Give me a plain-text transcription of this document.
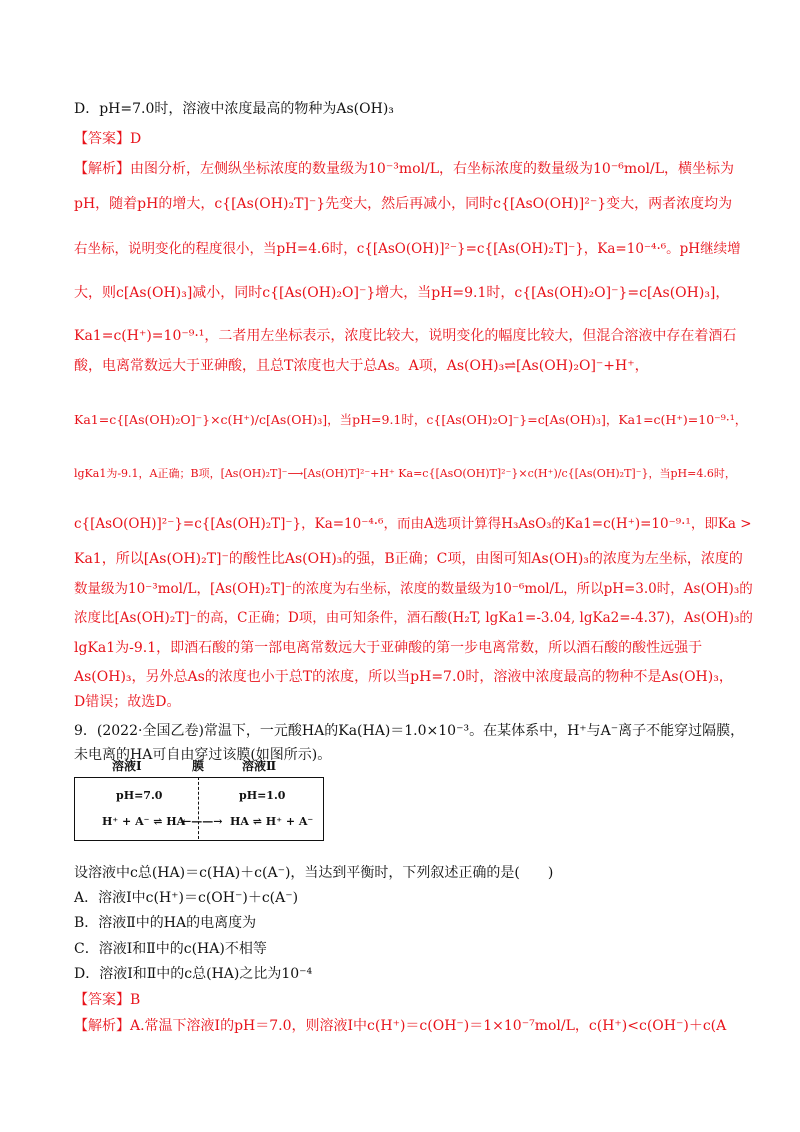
D．pH=7.0时，溶液中浓度最高的物种为As(OH)₃
【答案】D
【解析】由图分析，左侧纵坐标浓度的数量级为10⁻³mol/L，右坐标浓度的数量级为10⁻⁶mol/L，横坐标为
pH，随着pH的增大，c{[As(OH)₂T]⁻}先变大，然后再减小，同时c{[AsO(OH)]²⁻}变大，两者浓度均为
右坐标，说明变化的程度很小，当pH=4.6时，c{[AsO(OH)]²⁻}=c{[As(OH)₂T]⁻}，Ka=10⁻⁴·⁶。pH继续增
大，则c[As(OH)₃]减小，同时c{[As(OH)₂O]⁻}增大，当pH=9.1时，c{[As(OH)₂O]⁻}=c[As(OH)₃]，
Ka1=c(H⁺)=10⁻⁹·¹，二者用左坐标表示，浓度比较大，说明变化的幅度比较大，但混合溶液中存在着酒石
酸，电离常数远大于亚砷酸，且总T浓度也大于总As。A项，As(OH)₃⇌[As(OH)₂O]⁻+H⁺，
Ka1=c{[As(OH)₂O]⁻}×c(H⁺)/c[As(OH)₃]，当pH=9.1时，c{[As(OH)₂O]⁻}=c[As(OH)₃]，Ka1=c(H⁺)=10⁻⁹·¹，
lgKa1为-9.1，A正确；B项，[As(OH)₂T]⁻⟶[As(OH)T]²⁻+H⁺ Ka=c{[AsO(OH)T]²⁻}×c(H⁺)/c{[As(OH)₂T]⁻}，当pH=4.6时，
c{[AsO(OH)]²⁻}=c{[As(OH)₂T]⁻}，Ka=10⁻⁴·⁶，而由A选项计算得H₃AsO₃的Ka1=c(H⁺)=10⁻⁹·¹，即Ka >
Ka1，所以[As(OH)₂T]⁻的酸性比As(OH)₃的强，B正确；C项，由图可知As(OH)₃的浓度为左坐标，浓度的
数量级为10⁻³mol/L，[As(OH)₂T]⁻的浓度为右坐标，浓度的数量级为10⁻⁶mol/L，所以pH=3.0时，As(OH)₃的
浓度比[As(OH)₂T]⁻的高，C正确；D项，由可知条件，酒石酸(H₂T, lgKa1=-3.04, lgKa2=-4.37)，As(OH)₃的
lgKa1为-9.1，即酒石酸的第一部电离常数远大于亚砷酸的第一步电离常数，所以酒石酸的酸性远强于
As(OH)₃，另外总As的浓度也小于总T的浓度，所以当pH=7.0时，溶液中浓度最高的物种不是As(OH)₃，
D错误；故选D。
9．(2022·全国乙卷)常温下，一元酸HA的Ka(HA)＝1.0×10⁻³。在某体系中，H⁺与A⁻离子不能穿过隔膜，
未电离的HA可自由穿过该膜(如图所示)。
溶液Ⅰ	膜	溶液Ⅱ
pH=7.0	pH=1.0
H⁺ + A⁻ ⇌ HA
←——→ HA ⇌ H⁺ + A⁻
设溶液中c总(HA)＝c(HA)＋c(A⁻)，当达到平衡时，下列叙述正确的是(　　)
A．溶液Ⅰ中c(H⁺)＝c(OH⁻)＋c(A⁻)
B．溶液Ⅱ中的HA的电离度为
C．溶液Ⅰ和Ⅱ中的c(HA)不相等
D．溶液Ⅰ和Ⅱ中的c总(HA)之比为10⁻⁴
【答案】B
【解析】A.常温下溶液Ⅰ的pH＝7.0，则溶液Ⅰ中c(H⁺)＝c(OH⁻)＝1×10⁻⁷mol/L，c(H⁺)<c(OH⁻)＋c(A
